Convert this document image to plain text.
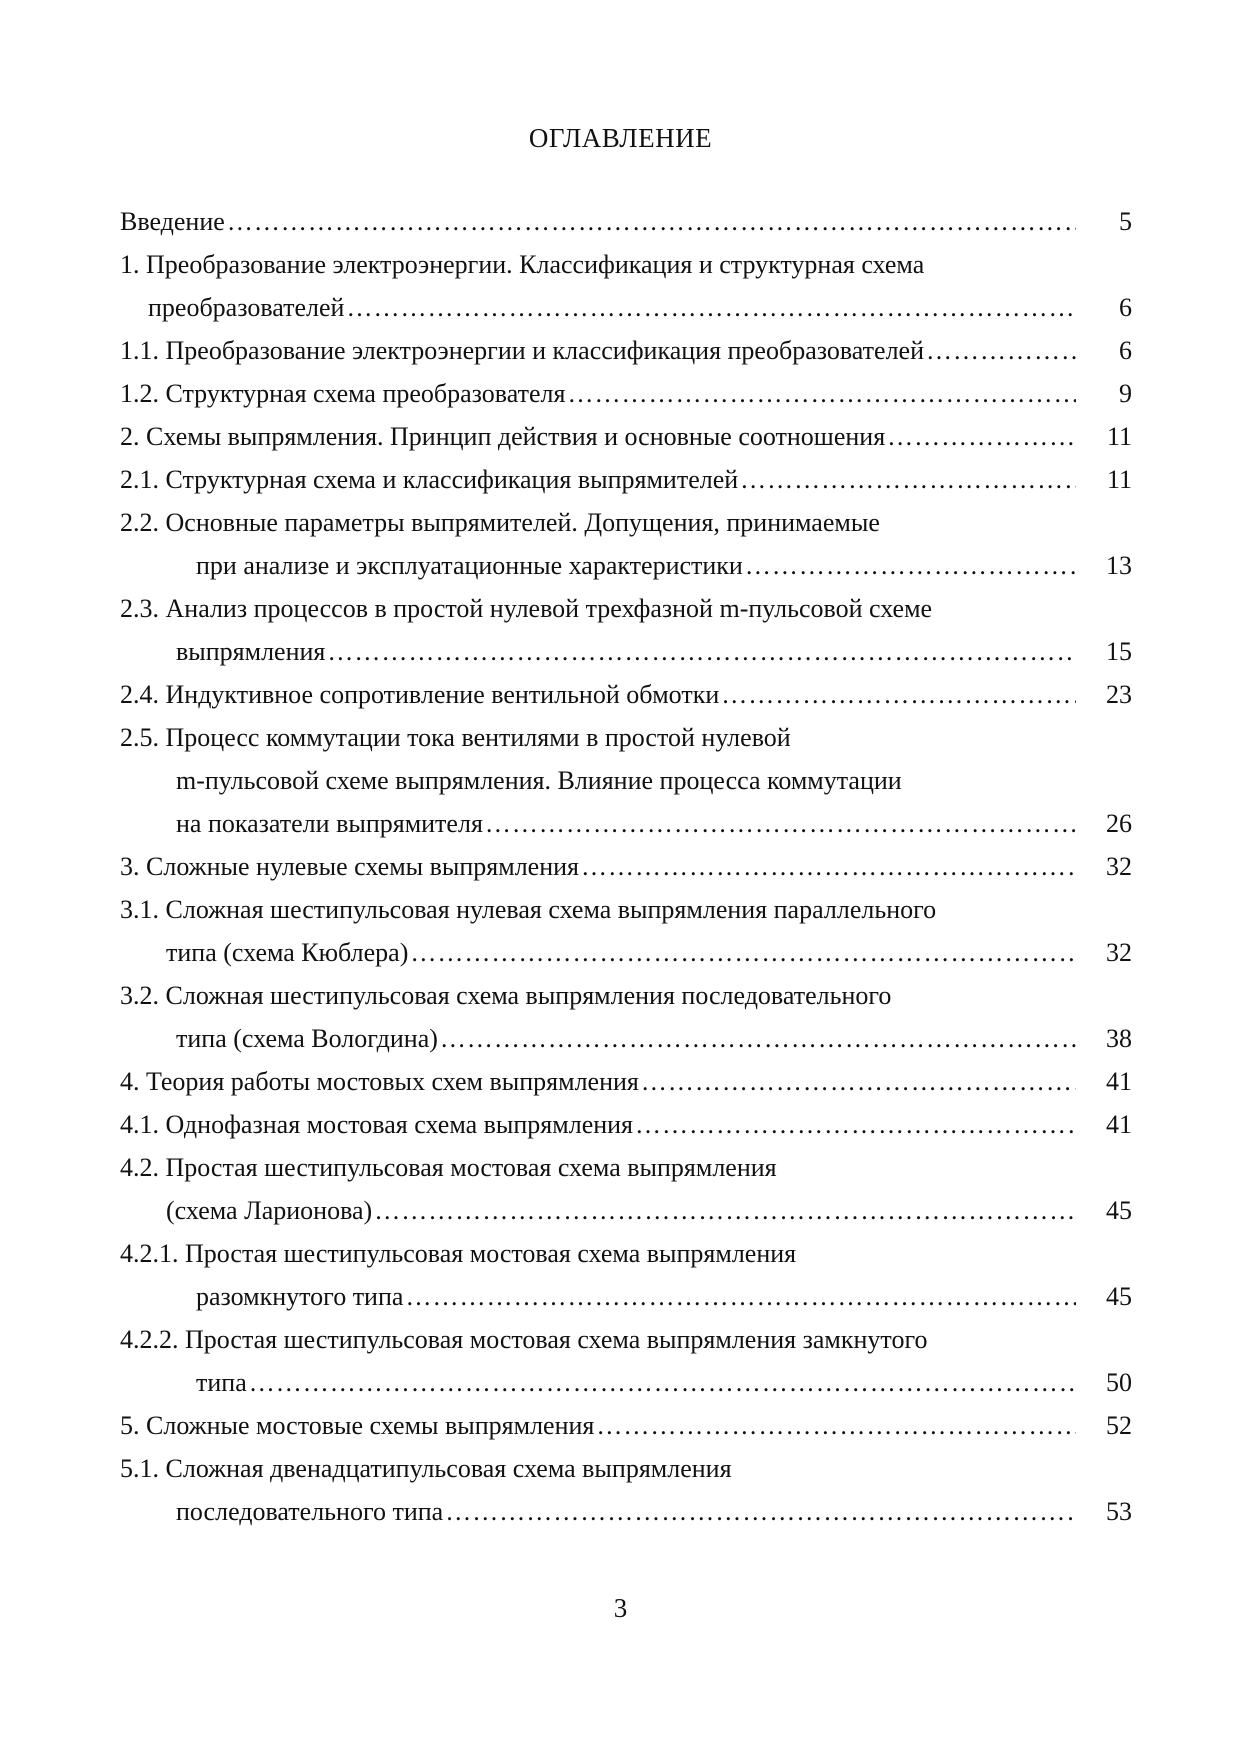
ОГЛАВЛЕНИЕ
Введение ……………………………………………………………………………………………………………………………………………………	5
1. Преобразование электроэнергии. Классификация и структурная схема
преобразователей ……………………………………………………………………………………………………………………………………………………	6
1.1. Преобразование электроэнергии и классификация преобразователей ……………………………………………………………………………………………………………………………………………………	6
1.2. Структурная схема преобразователя ……………………………………………………………………………………………………………………………………………………	9
2. Схемы выпрямления. Принцип действия и основные соотношения ……………………………………………………………………………………………………………………………………………………	11
2.1. Структурная схема и классификация выпрямителей ……………………………………………………………………………………………………………………………………………………	11
2.2. Основные параметры выпрямителей. Допущения, принимаемые
при анализе и эксплуатационные характеристики ……………………………………………………………………………………………………………………………………………………	13
2.3. Анализ процессов в простой нулевой трехфазной m-пульсовой схеме
выпрямления ……………………………………………………………………………………………………………………………………………………	15
2.4. Индуктивное сопротивление вентильной обмотки ……………………………………………………………………………………………………………………………………………………	23
2.5. Процесс коммутации тока вентилями в простой нулевой
m-пульсовой схеме выпрямления. Влияние процесса коммутации
на показатели выпрямителя ……………………………………………………………………………………………………………………………………………………	26
3. Сложные нулевые схемы выпрямления ……………………………………………………………………………………………………………………………………………………	32
3.1. Сложная шестипульсовая нулевая схема выпрямления параллельного
типа (схема Кюблера) ……………………………………………………………………………………………………………………………………………………	32
3.2. Сложная шестипульсовая схема выпрямления последовательного
типа (схема Вологдина) ……………………………………………………………………………………………………………………………………………………	38
4. Теория работы мостовых схем выпрямления ……………………………………………………………………………………………………………………………………………………	41
4.1. Однофазная мостовая схема выпрямления ……………………………………………………………………………………………………………………………………………………	41
4.2. Простая шестипульсовая мостовая схема выпрямления
(схема Ларионова) ……………………………………………………………………………………………………………………………………………………	45
4.2.1. Простая шестипульсовая мостовая схема выпрямления
разомкнутого типа ……………………………………………………………………………………………………………………………………………………	45
4.2.2. Простая шестипульсовая мостовая схема выпрямления замкнутого
типа ……………………………………………………………………………………………………………………………………………………	50
5. Сложные мостовые схемы выпрямления ……………………………………………………………………………………………………………………………………………………	52
5.1. Сложная двенадцатипульсовая схема выпрямления
последовательного типа ……………………………………………………………………………………………………………………………………………………	53
3
